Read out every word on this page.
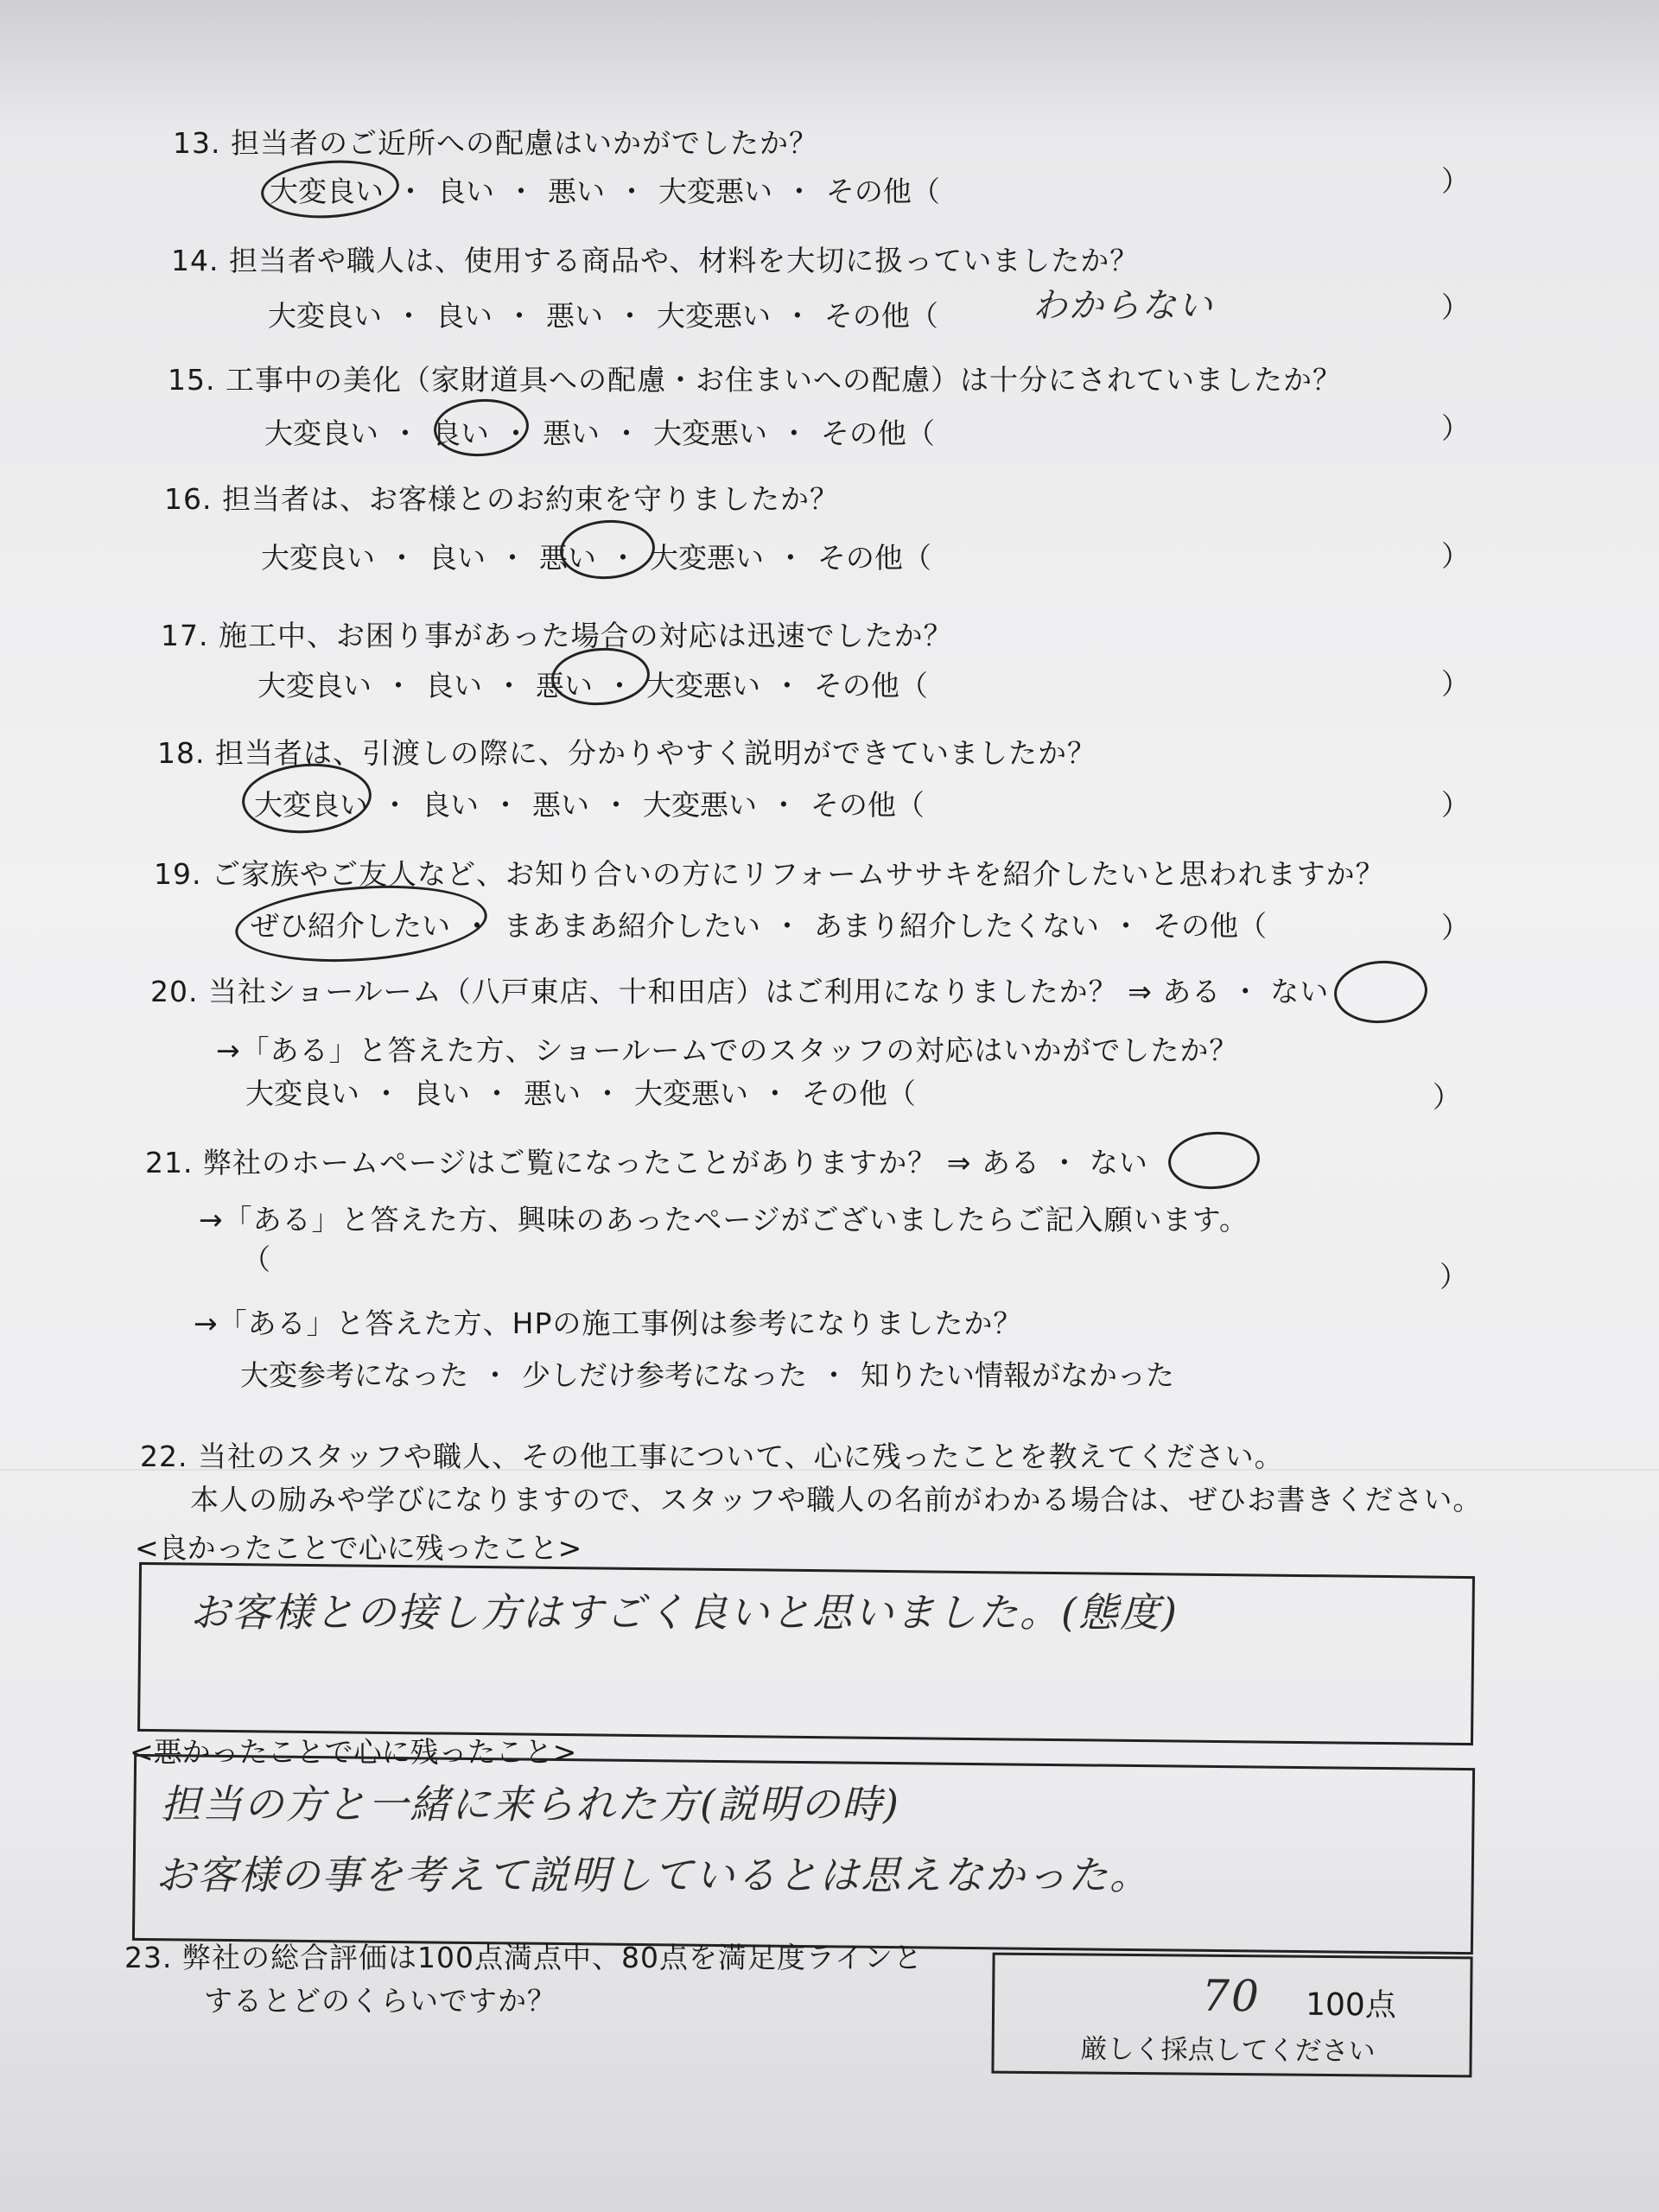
13. 担当者のご近所への配慮はいかがでしたか？
大変良い ・ 良い ・ 悪い ・ 大変悪い ・ その他（	）
14. 担当者や職人は、使用する商品や、材料を大切に扱っていましたか？
大変良い ・ 良い ・ 悪い ・ 大変悪い ・ その他（	わからない	）
15. 工事中の美化（家財道具への配慮・お住まいへの配慮）は十分にされていましたか？
大変良い ・ 良い ・ 悪い ・ 大変悪い ・ その他（	）
16. 担当者は、お客様とのお約束を守りましたか？
大変良い ・ 良い ・ 悪い ・ 大変悪い ・ その他（	）
17. 施工中、お困り事があった場合の対応は迅速でしたか？
大変良い ・ 良い ・ 悪い ・ 大変悪い ・ その他（	）
18. 担当者は、引渡しの際に、分かりやすく説明ができていましたか？
大変良い ・ 良い ・ 悪い ・ 大変悪い ・ その他（	）
19. ご家族やご友人など、お知り合いの方にリフォームササキを紹介したいと思われますか？
ぜひ紹介したい ・ まあまあ紹介したい ・ あまり紹介したくない ・ その他（	）
20. 当社ショールーム（八戸東店、十和田店）はご利用になりましたか？ ⇒ ある ・ ない
→「ある」と答えた方、ショールームでのスタッフの対応はいかがでしたか？
大変良い ・ 良い ・ 悪い ・ 大変悪い ・ その他（	）
21. 弊社のホームページはご覧になったことがありますか？ ⇒ ある ・ ない
→「ある」と答えた方、興味のあったページがございましたらご記入願います。
（
）
→「ある」と答えた方、HPの施工事例は参考になりましたか？
大変参考になった ・ 少しだけ参考になった ・ 知りたい情報がなかった
22. 当社のスタッフや職人、その他工事について、心に残ったことを教えてください。
本人の励みや学びになりますので、スタッフや職人の名前がわかる場合は、ぜひお書きください。
<良かったことで心に残ったこと>
お客様との接し方はすごく良いと思いました。(態度)
<悪かったことで心に残ったこと>
担当の方と一緒に来られた方(説明の時)
お客様の事を考えて説明しているとは思えなかった。
23. 弊社の総合評価は100点満点中、80点を満足度ラインと
するとどのくらいですか？	70 100点
厳しく採点してください
